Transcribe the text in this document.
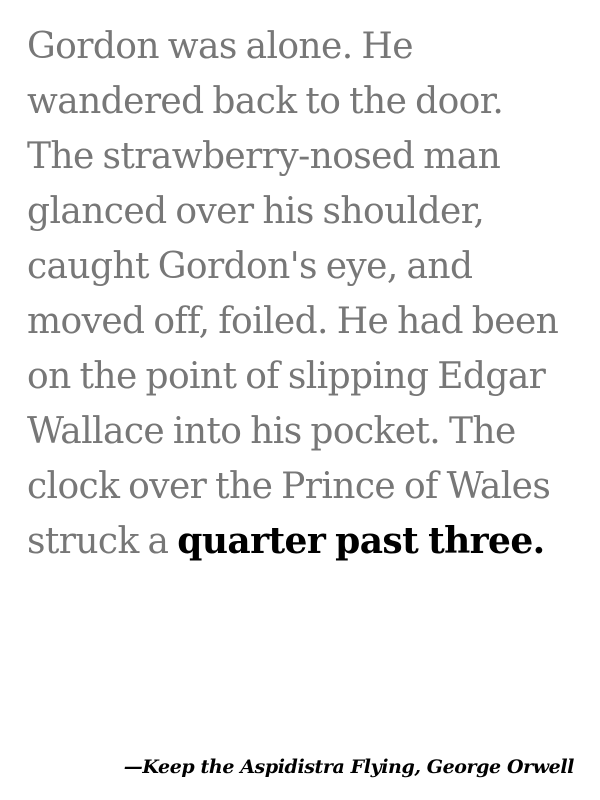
Gordon was alone. He wandered back to the door. The strawberry-nosed man glanced over his shoulder, caught Gordon's eye, and moved off, foiled. He had been on the point of slipping Edgar Wallace into his pocket. The clock over the Prince of Wales struck a quarter past three.

—Keep the Aspidistra Flying, George Orwell
